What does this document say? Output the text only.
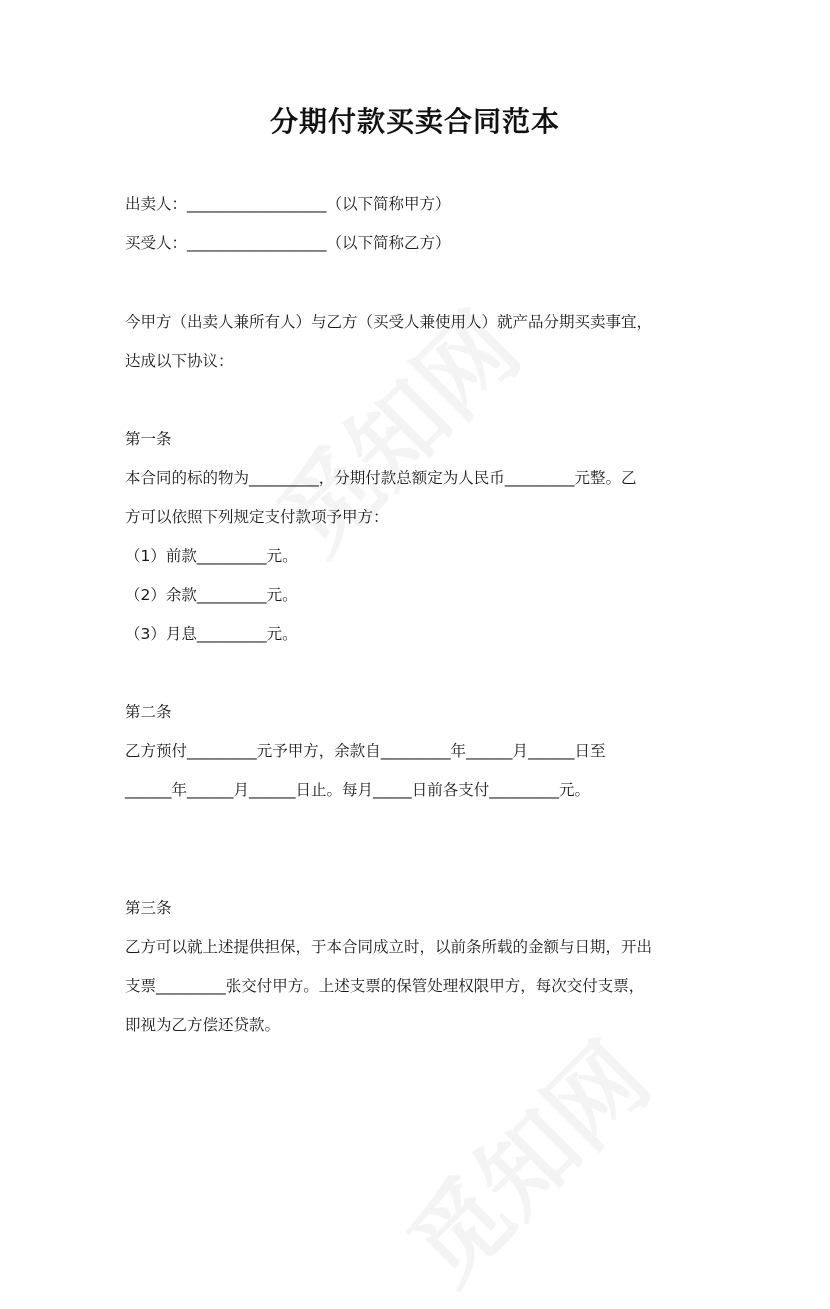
分期付款买卖合同范本
出卖人：__________________（以下简称甲方）
买受人：__________________（以下简称乙方）
今甲方（出卖人兼所有人）与乙方（买受人兼使用人）就产品分期买卖事宜，
达成以下协议：
第一条
本合同的标的物为_________，分期付款总额定为人民币_________元整。乙
方可以依照下列规定支付款项予甲方：
（1）前款_________元。
（2）余款_________元。
（3）月息_________元。
第二条
乙方预付_________元予甲方，余款自_________年______月______日至
______年______月______日止。每月_____日前各支付_________元。
第三条
乙方可以就上述提供担保，于本合同成立时，以前条所载的金额与日期，开出
支票_________张交付甲方。上述支票的保管处理权限甲方，每次交付支票，
即视为乙方偿还贷款。
